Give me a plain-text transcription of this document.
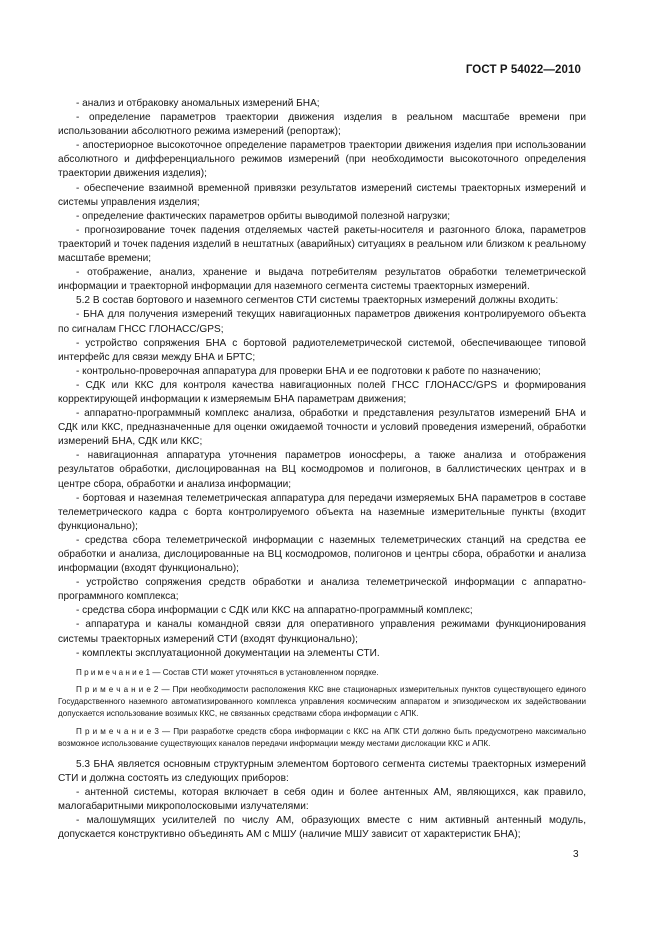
ГОСТ Р 54022—2010

- анализ и отбраковку аномальных измерений БНА;

- определение параметров траектории движения изделия в реальном масштабе времени при использовании абсолютного режима измерений (репортаж);

- апостериорное высокоточное определение параметров траектории движения изделия при использовании абсолютного и дифференциального режимов измерений (при необходимости высокоточного определения траектории движения изделия);

- обеспечение взаимной временной привязки результатов измерений системы траекторных измерений и системы управления изделия;

- определение фактических параметров орбиты выводимой полезной нагрузки;

- прогнозирование точек падения отделяемых частей ракеты-носителя и разгонного блока, параметров траекторий и точек падения изделий в нештатных (аварийных) ситуациях в реальном или близком к реальному масштабе времени;

- отображение, анализ, хранение и выдача потребителям результатов обработки телеметрической информации и траекторной информации для наземного сегмента системы траекторных измерений.

5.2 В состав бортового и наземного сегментов СТИ системы траекторных измерений должны входить:

- БНА для получения измерений текущих навигационных параметров движения контролируемого объекта по сигналам ГНСС ГЛОНАСС/GPS;

- устройство сопряжения БНА с бортовой радиотелеметрической системой, обеспечивающее типовой интерфейс для связи между БНА и БРТС;

- контрольно-проверочная аппаратура для проверки БНА и ее подготовки к работе по назначению;

- СДК или ККС для контроля качества навигационных полей ГНСС ГЛОНАСС/GPS и формирования корректирующей информации к измеряемым БНА параметрам движения;

- аппаратно-программный комплекс анализа, обработки и представления результатов измерений БНА и СДК или ККС, предназначенные для оценки ожидаемой точности и условий проведения измерений, обработки измерений БНА, СДК или ККС;

- навигационная аппаратура уточнения параметров ионосферы, а также анализа и отображения результатов обработки, дислоцированная на ВЦ космодромов и полигонов, в баллистических центрах и в центре сбора, обработки и анализа информации;

- бортовая и наземная телеметрическая аппаратура для передачи измеряемых БНА параметров в составе телеметрического кадра с борта контролируемого объекта на наземные измерительные пункты (входит функционально);

- средства сбора телеметрической информации с наземных телеметрических станций на средства ее обработки и анализа, дислоцированные на ВЦ космодромов, полигонов и центры сбора, обработки и анализа информации (входят функционально);

- устройство сопряжения средств обработки и анализа телеметрической информации с аппаратно-программного комплекса;

- средства сбора информации с СДК или ККС на аппаратно-программный комплекс;

- аппаратура и каналы командной связи для оперативного управления режимами функционирования системы траекторных измерений СТИ (входят функционально);

- комплекты эксплуатационной документации на элементы СТИ.

П р и м е ч а н и е 1 — Состав СТИ может уточняться в установленном порядке.

П р и м е ч а н и е 2 — При необходимости расположения ККС вне стационарных измерительных пунктов существующего единого Государственного наземного автоматизированного комплекса управления космическим аппаратом и эпизодическом их задействовании допускается использование возимых ККС, не связанных средствами сбора информации с АПК.

П р и м е ч а н и е 3 — При разработке средств сбора информации с ККС на АПК СТИ должно быть предусмотрено максимально возможное использование существующих каналов передачи информации между местами дислокации ККС и АПК.

5.3 БНА является основным структурным элементом бортового сегмента системы траекторных измерений СТИ и должна состоять из следующих приборов:

- антенной системы, которая включает в себя один и более антенных АМ, являющихся, как правило, малогабаритными микрополосковыми излучателями:

- малошумящих усилителей по числу АМ, образующих вместе с ним активный антенный модуль, допускается конструктивно объединять АМ с МШУ (наличие МШУ зависит от характеристик БНА);

3
